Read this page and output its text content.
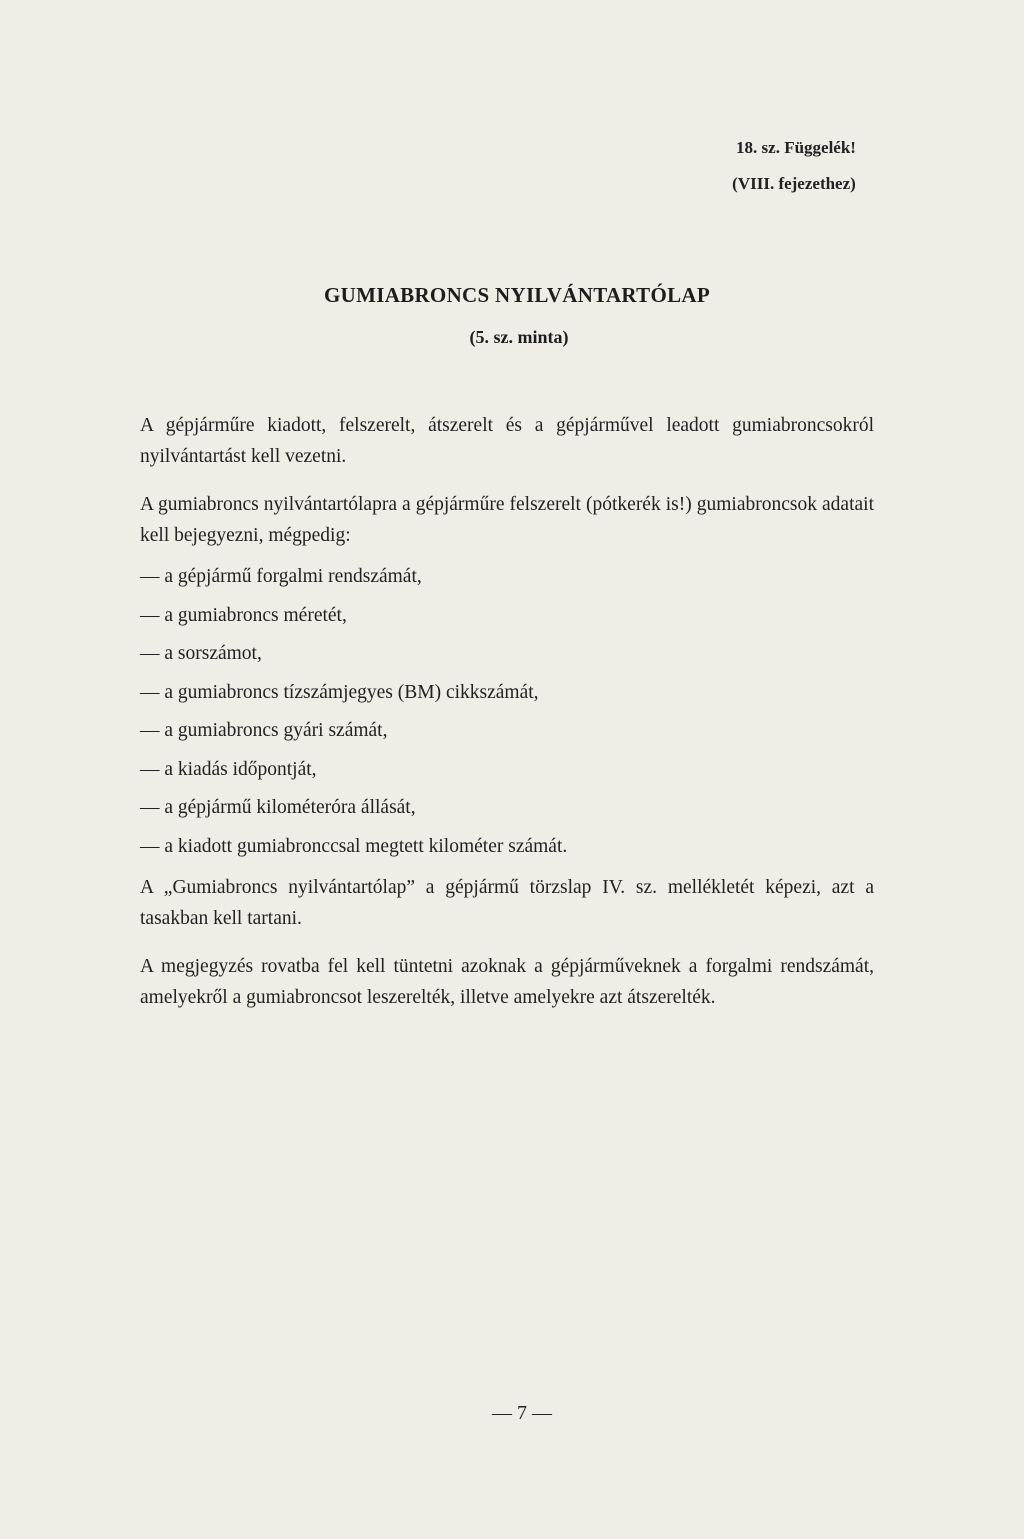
18. sz. Függelék!
(VIII. fejezethez)
GUMIABRONCS NYILVÁNTARTÓLAP
(5. sz. minta)

A gépjárműre kiadott, felszerelt, átszerelt és a gépjárművel leadott gumiabroncsokról nyilvántartást kell vezetni.

A gumiabroncs nyilvántartólapra a gépjárműre felszerelt (pótkerék is!) gumiabroncsok adatait kell bejegyezni, mégpedig:

— a gépjármű forgalmi rendszámát,
— a gumiabroncs méretét,
— a sorszámot,
— a gumiabroncs tízszámjegyes (BM) cikkszámát,
— a gumiabroncs gyári számát,
— a kiadás időpontját,
— a gépjármű kilométeróra állását,
— a kiadott gumiabronccsal megtett kilométer számát.

A „Gumiabroncs nyilvántartólap” a gépjármű törzslap IV. sz. mellékletét képezi, azt a tasakban kell tartani.

A megjegyzés rovatba fel kell tüntetni azoknak a gépjárműveknek a forgalmi rendszámát, amelyekről a gumiabroncsot leszerelték, illetve amelyekre azt átszerelték.

— 7 —
